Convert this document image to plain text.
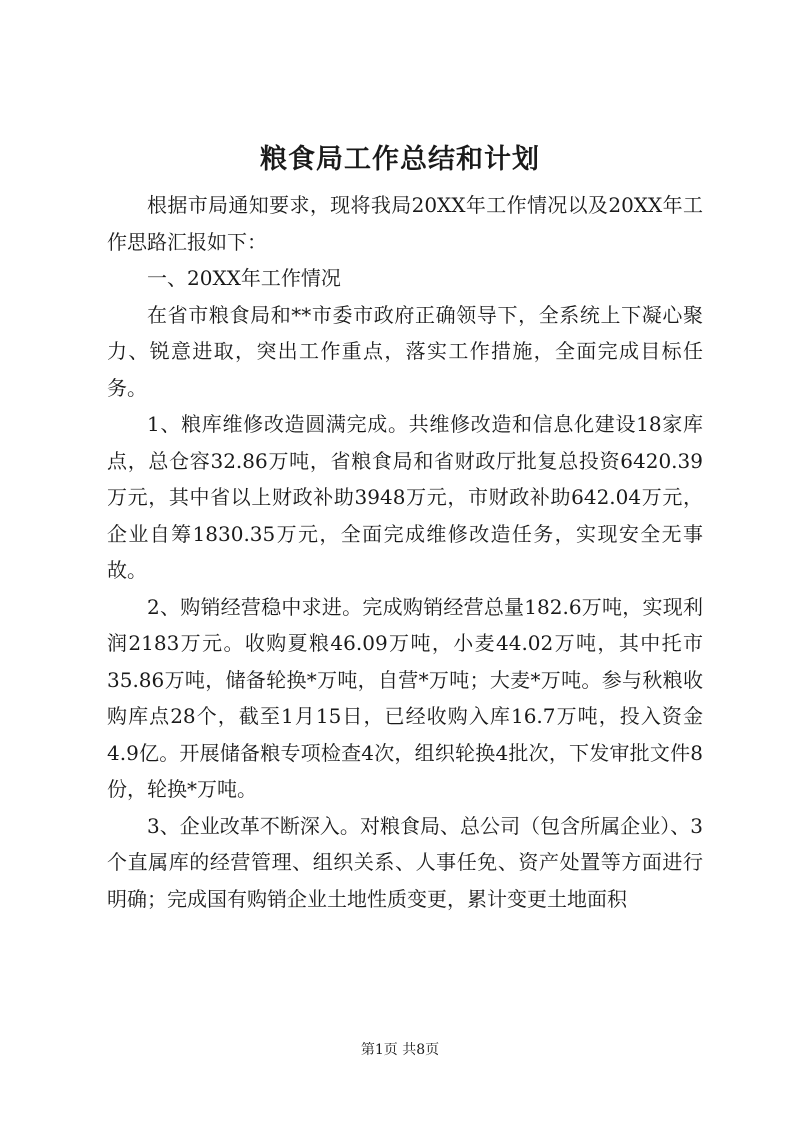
粮食局工作总结和计划

根据市局通知要求，现将我局20XX年工作情况以及20XX年工作思路汇报如下：

一、20XX年工作情况

在省市粮食局和**市委市政府正确领导下，全系统上下凝心聚力、锐意进取，突出工作重点，落实工作措施，全面完成目标任务。

1、粮库维修改造圆满完成。共维修改造和信息化建设18家库点，总仓容32.86万吨，省粮食局和省财政厅批复总投资6420.39万元，其中省以上财政补助3948万元，市财政补助642.04万元，企业自筹1830.35万元，全面完成维修改造任务，实现安全无事故。

2、购销经营稳中求进。完成购销经营总量182.6万吨，实现利润2183万元。收购夏粮46.09万吨，小麦44.02万吨，其中托市35.86万吨，储备轮换*万吨，自营*万吨；大麦*万吨。参与秋粮收购库点28个，截至1月15日，已经收购入库16.7万吨，投入资金4.9亿。开展储备粮专项检查4次，组织轮换4批次，下发审批文件8份，轮换*万吨。

3、企业改革不断深入。对粮食局、总公司（包含所属企业）、3个直属库的经营管理、组织关系、人事任免、资产处置等方面进行明确；完成国有购销企业土地性质变更，累计变更土地面积

第1页 共8页
